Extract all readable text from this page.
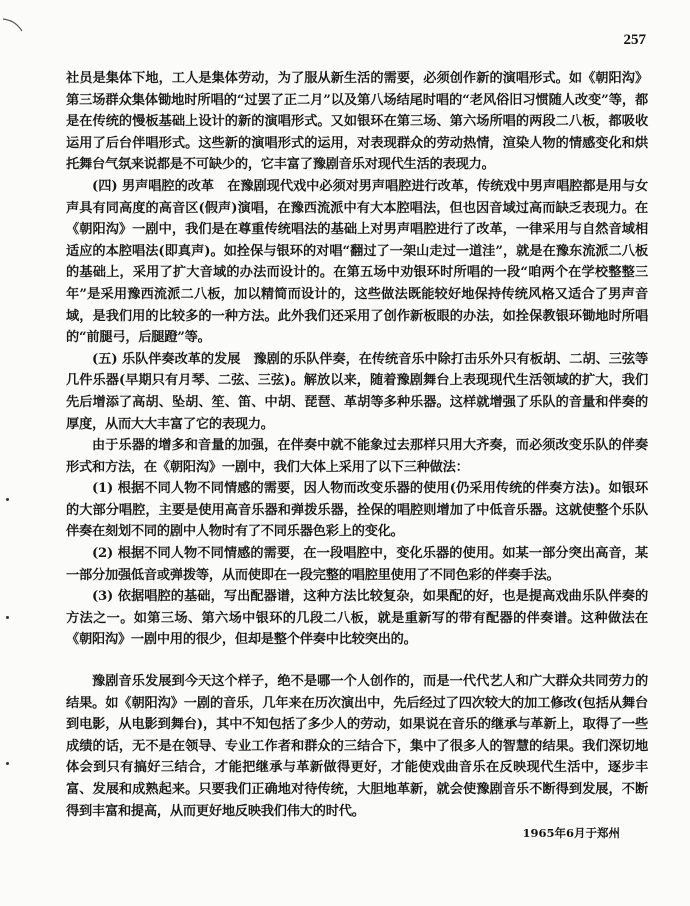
257

社员是集体下地，工人是集体劳动，为了服从新生活的需要，必须创作新的演唱形式。如《朝阳沟》第三场群众集体锄地时所唱的“过罢了正二月”以及第八场结尾时唱的“老风俗旧习惯随人改变”等，都是在传统的慢板基础上设计的新的演唱形式。又如银环在第三场、第六场所唱的两段二八板，都吸收运用了后台伴唱形式。这些新的演唱形式的运用，对表现群众的劳动热情，渲染人物的情感变化和烘托舞台气氛来说都是不可缺少的，它丰富了豫剧音乐对现代生活的表现力。

(四) 男声唱腔的改革　 在豫剧现代戏中必须对男声唱腔进行改革，传统戏中男声唱腔都是用与女声具有同高度的高音区(假声)演唱，在豫西流派中有大本腔唱法，但也因音域过高而缺乏表现力。在《朝阳沟》一剧中，我们是在尊重传统唱法的基础上对男声唱腔进行了改革，一律采用与自然音域相适应的本腔唱法(即真声)。如拴保与银环的对唱“翻过了一架山走过一道洼”，就是在豫东流派二八板的基础上，采用了扩大音域的办法而设计的。在第五场中劝银环时所唱的一段“咱两个在学校整整三年”是采用豫西流派二八板，加以精简而设计的，这些做法既能较好地保持传统风格又适合了男声音域，是我们用的比较多的一种方法。此外我们还采用了创作新板眼的办法，如拴保教银环锄地时所唱的“前腿弓，后腿蹬”等。

(五) 乐队伴奏改革的发展　 豫剧的乐队伴奏，在传统音乐中除打击乐外只有板胡、二胡、三弦等几件乐器(早期只有月琴、二弦、三弦)。解放以来，随着豫剧舞台上表现现代生活领域的扩大，我们先后增添了高胡、坠胡、笙、笛、中胡、琵琶、革胡等多种乐器。这样就增强了乐队的音量和伴奏的厚度，从而大大丰富了它的表现力。

由于乐器的增多和音量的加强，在伴奏中就不能象过去那样只用大齐奏，而必须改变乐队的伴奏形式和方法，在《朝阳沟》一剧中，我们大体上采用了以下三种做法：

(1) 根据不同人物不同情感的需要，因人物而改变乐器的使用(仍采用传统的伴奏方法)。如银环的大部分唱腔，主要是使用高音乐器和弹拨乐器，拴保的唱腔则增加了中低音乐器。这就使整个乐队伴奏在刻划不同的剧中人物时有了不同乐器色彩上的变化。

(2) 根据不同人物不同情感的需要，在一段唱腔中，变化乐器的使用。如某一部分突出高音，某一部分加强低音或弹拨等，从而使即在一段完整的唱腔里使用了不同色彩的伴奏手法。

(3) 依据唱腔的基础，写出配器谱，这种方法比较复杂，如果配的好，也是提高戏曲乐队伴奏的方法之一。如第三场、第六场中银环的几段二八板，就是重新写的带有配器的伴奏谱。这种做法在《朝阳沟》一剧中用的很少，但却是整个伴奏中比较突出的。

豫剧音乐发展到今天这个样子，绝不是哪一个人创作的，而是一代代艺人和广大群众共同劳力的结果。如《朝阳沟》一剧的音乐，几年来在历次演出中，先后经过了四次较大的加工修改(包括从舞台到电影，从电影到舞台)，其中不知包括了多少人的劳动，如果说在音乐的继承与革新上，取得了一些成绩的话，无不是在领导、专业工作者和群众的三结合下，集中了很多人的智慧的结果。我们深切地体会到只有搞好三结合，才能把继承与革新做得更好，才能使戏曲音乐在反映现代生活中，逐步丰富、发展和成熟起来。只要我们正确地对待传统，大胆地革新，就会使豫剧音乐不断得到发展，不断得到丰富和提高，从而更好地反映我们伟大的时代。

1965年6月于郑州
